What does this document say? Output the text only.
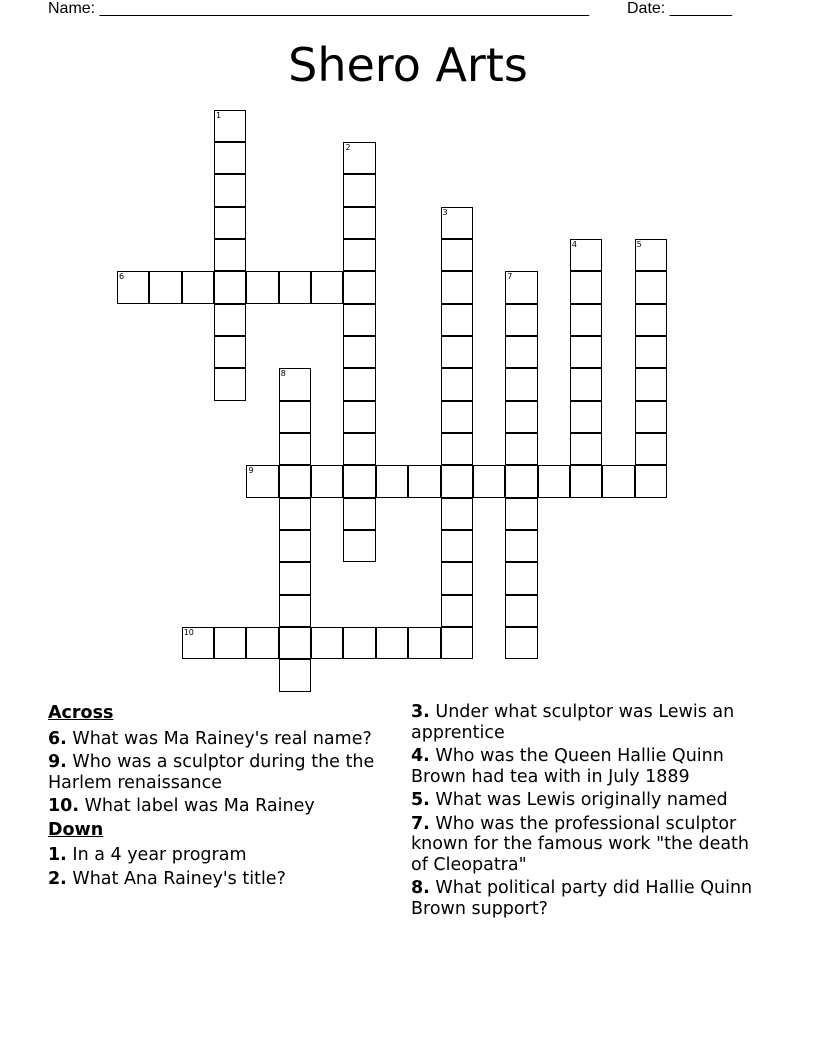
Name: _______________________________________________________ Date: _______
Shero Arts
1
2
3
4	5
6	7
8
9
10
Across
6. What was Ma Rainey's real name?
9. Who was a sculptor during the the Harlem renaissance
10. What label was Ma Rainey
Down
1. In a 4 year program
2. What Ana Rainey's title?
3. Under what sculptor was Lewis an apprentice
4. Who was the Queen Hallie Quinn Brown had tea with in July 1889
5. What was Lewis originally named
7. Who was the professional sculptor known for the famous work "the death of Cleopatra"
8. What political party did Hallie Quinn Brown support?
